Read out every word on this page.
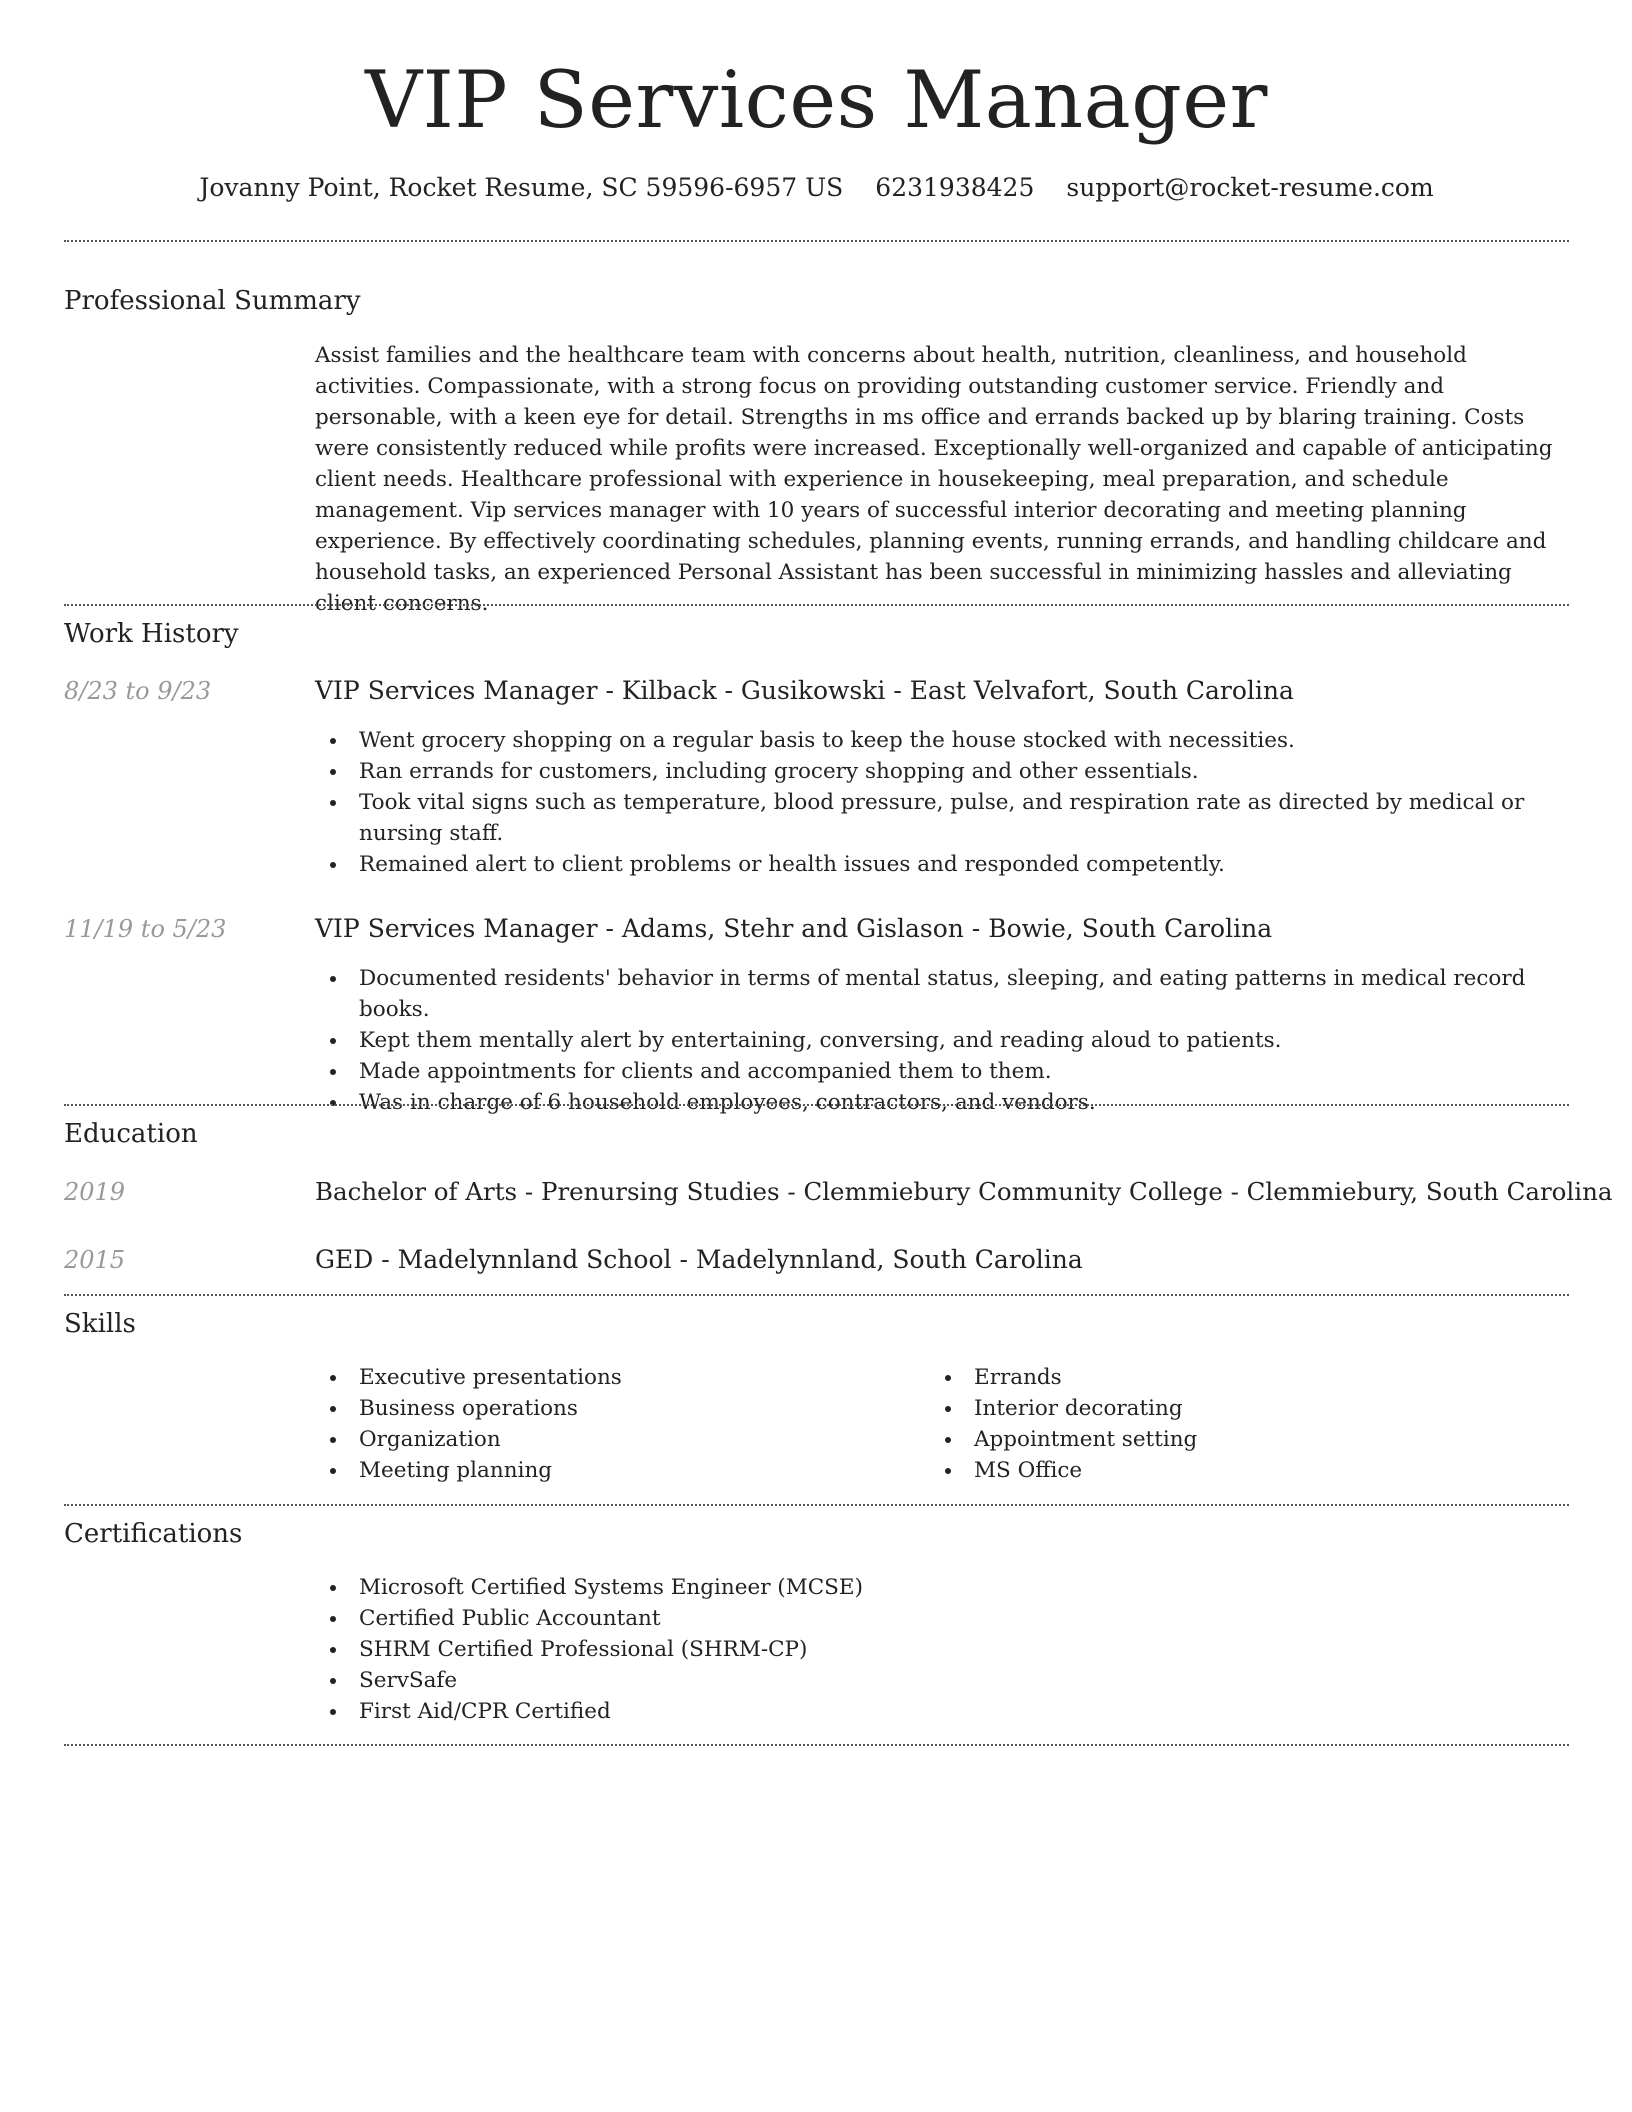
VIP Services Manager
Jovanny Point, Rocket Resume, SC 59596-6957 US 6231938425 support@rocket-resume.com
Professional Summary
Assist families and the healthcare team with concerns about health, nutrition, cleanliness, and household activities. Compassionate, with a strong focus on providing outstanding customer service. Friendly and personable, with a keen eye for detail. Strengths in ms office and errands backed up by blaring training. Costs were consistently reduced while profits were increased. Exceptionally well-organized and capable of anticipating client needs. Healthcare professional with experience in housekeeping, meal preparation, and schedule management. Vip services manager with 10 years of successful interior decorating and meeting planning experience. By effectively coordinating schedules, planning events, running errands, and handling childcare and household tasks, an experienced Personal Assistant has been successful in minimizing hassles and alleviating client concerns.
Work History
8/23 to 9/23	VIP Services Manager - Kilback - Gusikowski - East Velvafort, South Carolina
Went grocery shopping on a regular basis to keep the house stocked with necessities.
Ran errands for customers, including grocery shopping and other essentials.
Took vital signs such as temperature, blood pressure, pulse, and respiration rate as directed by medical or nursing staff.
Remained alert to client problems or health issues and responded competently.
11/19 to 5/23	VIP Services Manager - Adams, Stehr and Gislason - Bowie, South Carolina
Documented residents' behavior in terms of mental status, sleeping, and eating patterns in medical record books.
Kept them mentally alert by entertaining, conversing, and reading aloud to patients.
Made appointments for clients and accompanied them to them.
Was in charge of 6 household employees, contractors, and vendors.
Education
2019	Bachelor of Arts - Prenursing Studies - Clemmiebury Community College - Clemmiebury, South Carolina
2015	GED - Madelynnland School - Madelynnland, South Carolina
Skills
Executive presentations
Business operations
Organization
Meeting planning
Errands
Interior decorating
Appointment setting
MS Office
Certifications
Microsoft Certified Systems Engineer (MCSE)
Certified Public Accountant
SHRM Certified Professional (SHRM-CP)
ServSafe
First Aid/CPR Certified
